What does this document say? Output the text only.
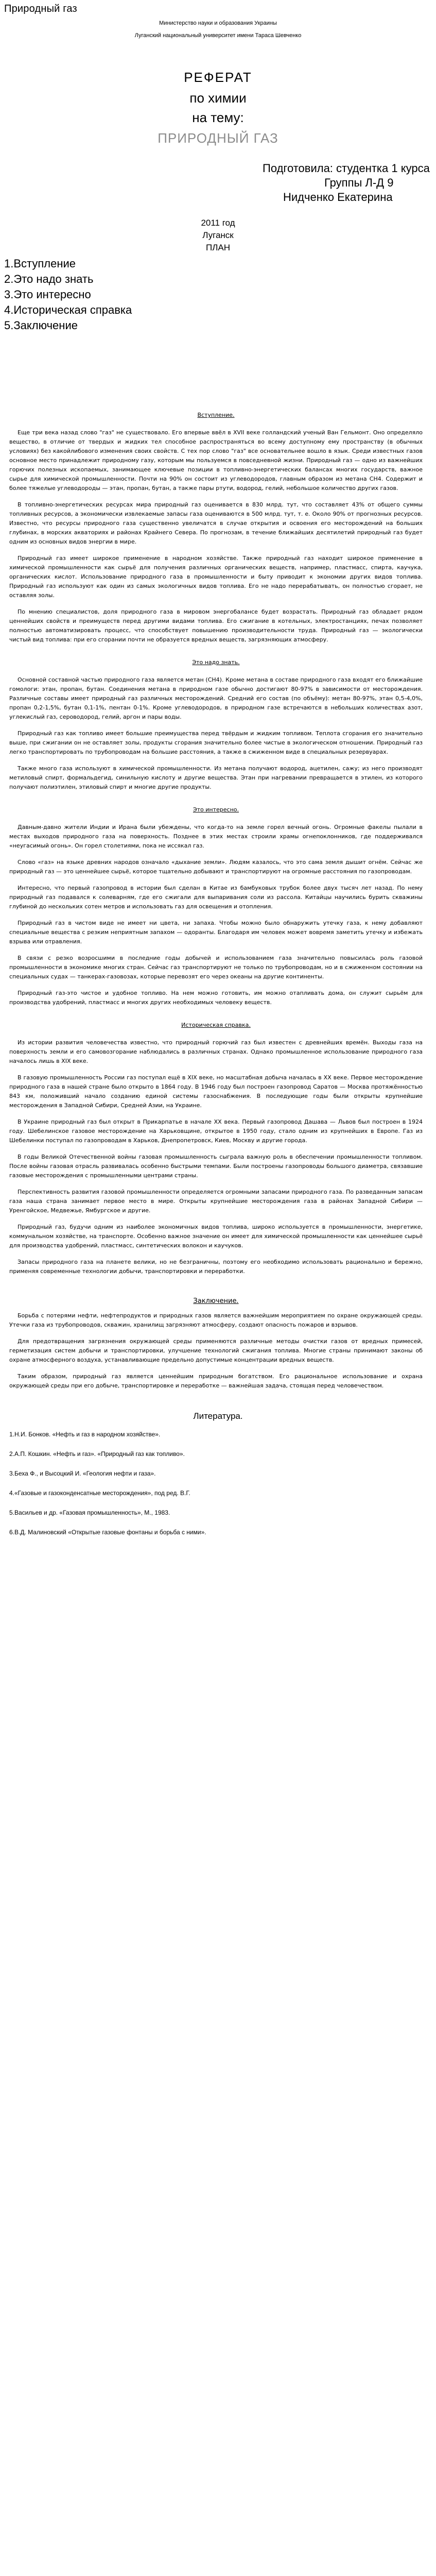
Природный газ
Министерство науки и образования Украины
Луганский национальный университет имени Тараса Шевченко
РЕФЕРАТ
по химии
на тему:
ПРИРОДНЫЙ ГАЗ
Подготовила: студентка 1 курса
Группы Л-Д 9
Нидченко Екатерина
2011 год
Луганск
ПЛАН
1.Вступление
2.Это надо знать
3.Это интересно
4.Историческая справка
5.Заключение
Вступление.

Еще три века назад слово "газ" не существовало. Его впервые ввёл в XVII веке голландский ученый Ван Гельмонт. Оно определяло вещество, в отличие от твердых и жидких тел способное распространяться во всему доступному ему пространству (в обычных условиях) без какойлибового изменения своих свойств. С тех пор слово "газ" все основательнее вошло в язык. Среди известных газов основное место принадлежит природному газу, которым мы пользуемся в повседневной жизни. Природный газ — одно из важнейших горючих полезных ископаемых, занимающее ключевые позиции в топливно-энергетических балансах многих государств, важное сырье для химической промышленности. Почти на 90% он состоит из углеводородов, главным образом из метана СН4. Содержит и более тяжелые углеводороды — этан, пропан, бутан, а также пары ртути, водород, гелий, небольшое количество других газов.

В топливно-энергетических ресурсах мира природный газ оценивается в 830 млрд. тут, что составляет 43% от общего суммы топливных ресурсов, а экономически извлекаемые запасы газа оцениваются в 500 млрд. тут, т. е. Около 90% от прогнозных ресурсов. Известно, что ресурсы природного газа существенно увеличатся в случае открытия и освоения его месторождений на больших глубинах, в морских акваториях и районах Крайнего Севера. По прогнозам, в течение ближайших десятилетий природный газ будет одним из основных видов энергии в мире.

Природный газ имеет широкое применение в народном хозяйстве. Также природный газ находит широкое применение в химической промышленности как сырьё для получения различных органических веществ, например, пластмасс, спирта, каучука, органических кислот. Использование природного газа в промышленности и быту приводит к экономии других видов топлива. Природный газ используют как один из самых экологичных видов топлива. Его не надо перерабатывать, он полностью сгорает, не оставляя золы.

По мнению специалистов, доля природного газа в мировом энергобалансе будет возрастать. Природный газ обладает рядом ценнейших свойств и преимуществ перед другими видами топлива. Его сжигание в котельных, электростанциях, печах позволяет полностью автоматизировать процесс, что способствует повышению производительности труда. Природный газ — экологически чистый вид топлива: при его сгорании почти не образуется вредных веществ, загрязняющих атмосферу.

Это надо знать.

Основной составной частью природного газа является метан (CH4). Кроме метана в составе природного газа входят его ближайшие гомологи: этан, пропан, бутан. Соединения метана в природном газе обычно достигают 80-97% в зависимости от месторождения. Различные составы имеет природный газ различных месторождений. Средний его состав (по объёму): метан 80-97%, этан 0,5-4,0%, пропан 0,2-1,5%, бутан 0,1-1%, пентан 0-1%. Кроме углеводородов, в природном газе встречаются в небольших количествах азот, углекислый газ, сероводород, гелий, аргон и пары воды.

Природный газ как топливо имеет большие преимущества перед твёрдым и жидким топливом. Теплота сгорания его значительно выше, при сжигании он не оставляет золы, продукты сгорания значительно более чистые в экологическом отношении. Природный газ легко транспортировать по трубопроводам на большие расстояния, а также в сжиженном виде в специальных резервуарах.

Также много газа используют в химической промышленности. Из метана получают водород, ацетилен, сажу; из него производят метиловый спирт, формальдегид, синильную кислоту и другие вещества. Этан при нагревании превращается в этилен, из которого получают полиэтилен, этиловый спирт и многие другие продукты.

Это интересно.

Давным-давно жители Индии и Ирана были убеждены, что когда-то на земле горел вечный огонь. Огромные факелы пылали в местах выходов природного газа на поверхность. Позднее в этих местах строили храмы огнепоклонников, где поддерживался «неугасимый огонь». Он горел столетиями, пока не иссякал газ.

Слово «газ» на языке древних народов означало «дыхание земли». Людям казалось, что это сама земля дышит огнём. Сейчас же природный газ — это ценнейшее сырьё, которое тщательно добывают и транспортируют на огромные расстояния по газопроводам.

Интересно, что первый газопровод в истории был сделан в Китае из бамбуковых трубок более двух тысяч лет назад. По нему природный газ подавался к солеварням, где его сжигали для выпаривания соли из рассола. Китайцы научились бурить скважины глубиной до нескольких сотен метров и использовать газ для освещения и отопления.

Природный газ в чистом виде не имеет ни цвета, ни запаха. Чтобы можно было обнаружить утечку газа, к нему добавляют специальные вещества с резким неприятным запахом — одоранты. Благодаря им человек может вовремя заметить утечку и избежать взрыва или отравления.

В связи с резко возросшими в последние годы добычей и использованием газа значительно повысилась роль газовой промышленности в экономике многих стран. Сейчас газ транспортируют не только по трубопроводам, но и в сжиженном состоянии на специальных судах — танкерах-газовозах, которые перевозят его через океаны на другие континенты.

Природный газ-это чистое и удобное топливо. На нем можно готовить, им можно отапливать дома, он служит сырьём для производства удобрений, пластмасс и многих других необходимых человеку веществ.

Историческая справка.

Из истории развития человечества известно, что природный горючий газ был известен с древнейших времён. Выходы газа на поверхность земли и его самовозгорание наблюдались в различных странах. Однако промышленное использование природного газа началось лишь в XIX веке.

В газовую промышленность России газ поступал ещё в XIX веке, но масштабная добыча началась в XX веке. Первое месторождение природного газа в нашей стране было открыто в 1864 году. В 1946 году был построен газопровод Саратов — Москва протяжённостью 843 км, положивший начало созданию единой системы газоснабжения. В последующие годы были открыты крупнейшие месторождения в Западной Сибири, Средней Азии, на Украине.

В Украине природный газ был открыт в Прикарпатье в начале XX века. Первый газопровод Дашава — Львов был построен в 1924 году. Шебелинское газовое месторождение на Харьковщине, открытое в 1950 году, стало одним из крупнейших в Европе. Газ из Шебелинки поступал по газопроводам в Харьков, Днепропетровск, Киев, Москву и другие города.

В годы Великой Отечественной войны газовая промышленность сыграла важную роль в обеспечении промышленности топливом. После войны газовая отрасль развивалась особенно быстрыми темпами. Были построены газопроводы большого диаметра, связавшие газовые месторождения с промышленными центрами страны.

Перспективность развития газовой промышленности определяется огромными запасами природного газа. По разведанным запасам газа наша страна занимает первое место в мире. Открыты крупнейшие месторождения газа в районах Западной Сибири — Уренгойское, Медвежье, Ямбургское и другие.

Природный газ, будучи одним из наиболее экономичных видов топлива, широко используется в промышленности, энергетике, коммунальном хозяйстве, на транспорте. Особенно важное значение он имеет для химической промышленности как ценнейшее сырьё для производства удобрений, пластмасс, синтетических волокон и каучуков.

Запасы природного газа на планете велики, но не безграничны, поэтому его необходимо использовать рационально и бережно, применяя современные технологии добычи, транспортировки и переработки.

Заключение.

Борьба с потерями нефти, нефтепродуктов и природных газов является важнейшим мероприятием по охране окружающей среды. Утечки газа из трубопроводов, скважин, хранилищ загрязняют атмосферу, создают опасность пожаров и взрывов.

Для предотвращения загрязнения окружающей среды применяются различные методы очистки газов от вредных примесей, герметизация систем добычи и транспортировки, улучшение технологий сжигания топлива. Многие страны принимают законы об охране атмосферного воздуха, устанавливающие предельно допустимые концентрации вредных веществ.

Таким образом, природный газ является ценнейшим природным богатством. Его рациональное использование и охрана окружающей среды при его добыче, транспортировке и переработке — важнейшая задача, стоящая перед человечеством.

Литература.
1.Н.И. Бонков. «Нефть и газ в народном хозяйстве».
2.А.П. Кошкин. «Нефть и газ». «Природный газ как топливо».
3.Беха Ф., и Высоцкий И. «Геология нефти и газа».
4.«Газовые и газоконденсатные месторождения», под ред. В.Г.
5.Васильев и др. «Газовая промышленность», М., 1983.
6.В.Д. Малиновский «Открытые газовые фонтаны и борьба с ними».
